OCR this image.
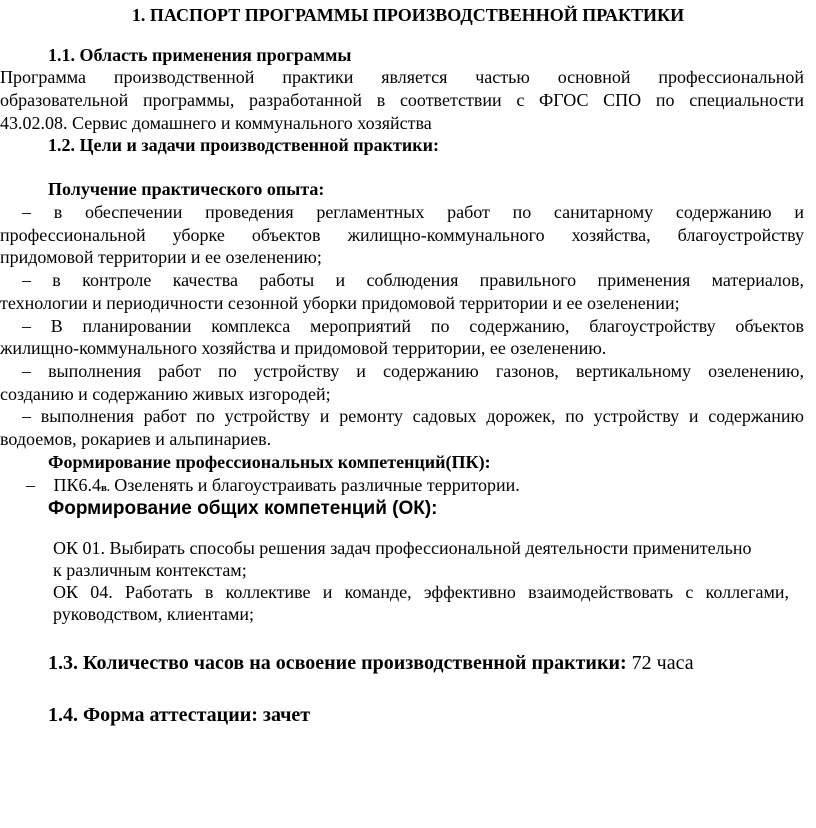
1. ПАСПОРТ ПРОГРАММЫ ПРОИЗВОДСТВЕННОЙ ПРАКТИКИ
1.1. Область применения программы
Программа производственной практики является частью основной профессиональной
образовательной программы, разработанной в соответствии с ФГОС СПО по специальности
43.02.08. Сервис домашнего и коммунального хозяйства
1.2. Цели и задачи производственной практики:
Получение практического опыта:
– в обеспечении проведения регламентных работ по санитарному содержанию и
профессиональной уборке объектов жилищно-коммунального хозяйства, благоустройству
придомовой территории и ее озеленению;
– в контроле качества работы и соблюдения правильного применения материалов,
технологии и периодичности сезонной уборки придомовой территории и ее озеленении;
– В планировании комплекса мероприятий по содержанию, благоустройству объектов
жилищно-коммунального хозяйства и придомовой территории, ее озеленению.
– выполнения работ по устройству и содержанию газонов, вертикальному озеленению,
созданию и содержанию живых изгородей;
– выполнения работ по устройству и ремонту садовых дорожек, по устройству и содержанию
водоемов, рокариев и альпинариев.
Формирование профессиональных компетенций(ПК):
– ПК6.4в. Озеленять и благоустраивать различные территории.
Формирование общих компетенций (ОК):
ОК 01. Выбирать способы решения задач профессиональной деятельности применительно
к различным контекстам;
ОК 04. Работать в коллективе и команде, эффективно взаимодействовать с коллегами,
руководством, клиентами;
1.3. Количество часов на освоение производственной практики: 72 часа
1.4. Форма аттестации: зачет
